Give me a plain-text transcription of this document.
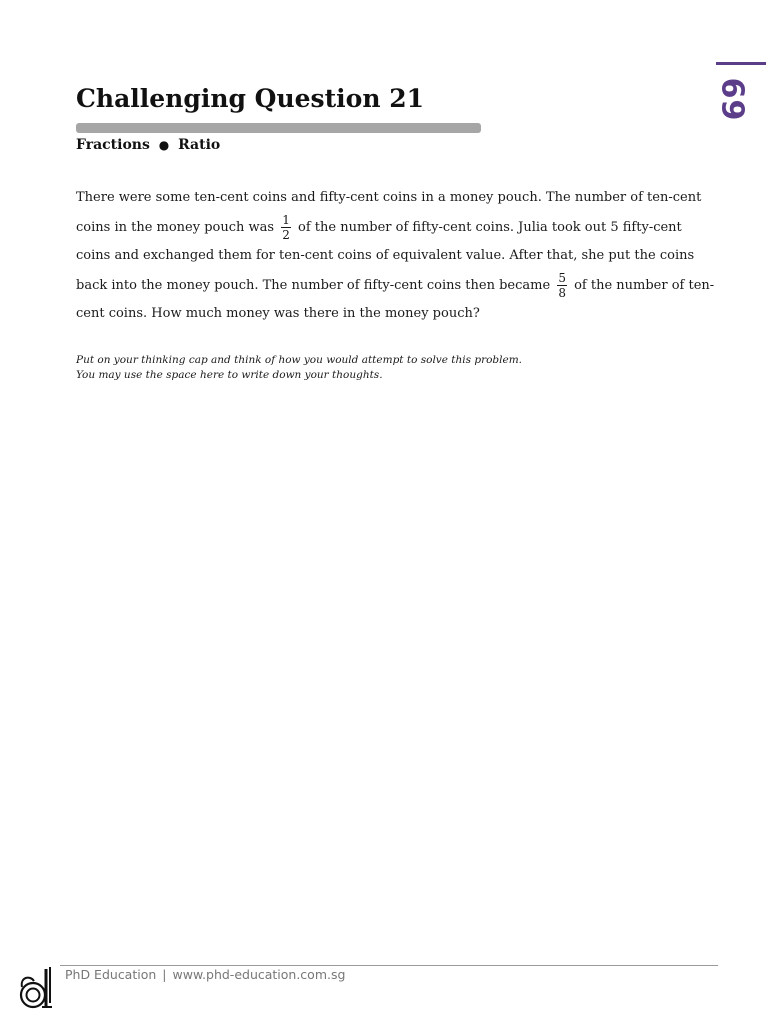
69
Challenging Question 21
Fractions ● Ratio
There were some ten-cent coins and fifty-cent coins in a money pouch. The number of ten-cent coins in the money pouch was $\frac{1}{2}$ of the number of fifty-cent coins. Julia took out 5 fifty-cent coins and exchanged them for ten-cent coins of equivalent value. After that, she put the coins back into the money pouch. The number of fifty-cent coins then became $\frac{5}{8}$ of the number of ten-cent coins. How much money was there in the money pouch?
Put on your thinking cap and think of how you would attempt to solve this problem.
You may use the space here to write down your thoughts.
PhD Education | www.phd-education.com.sg
